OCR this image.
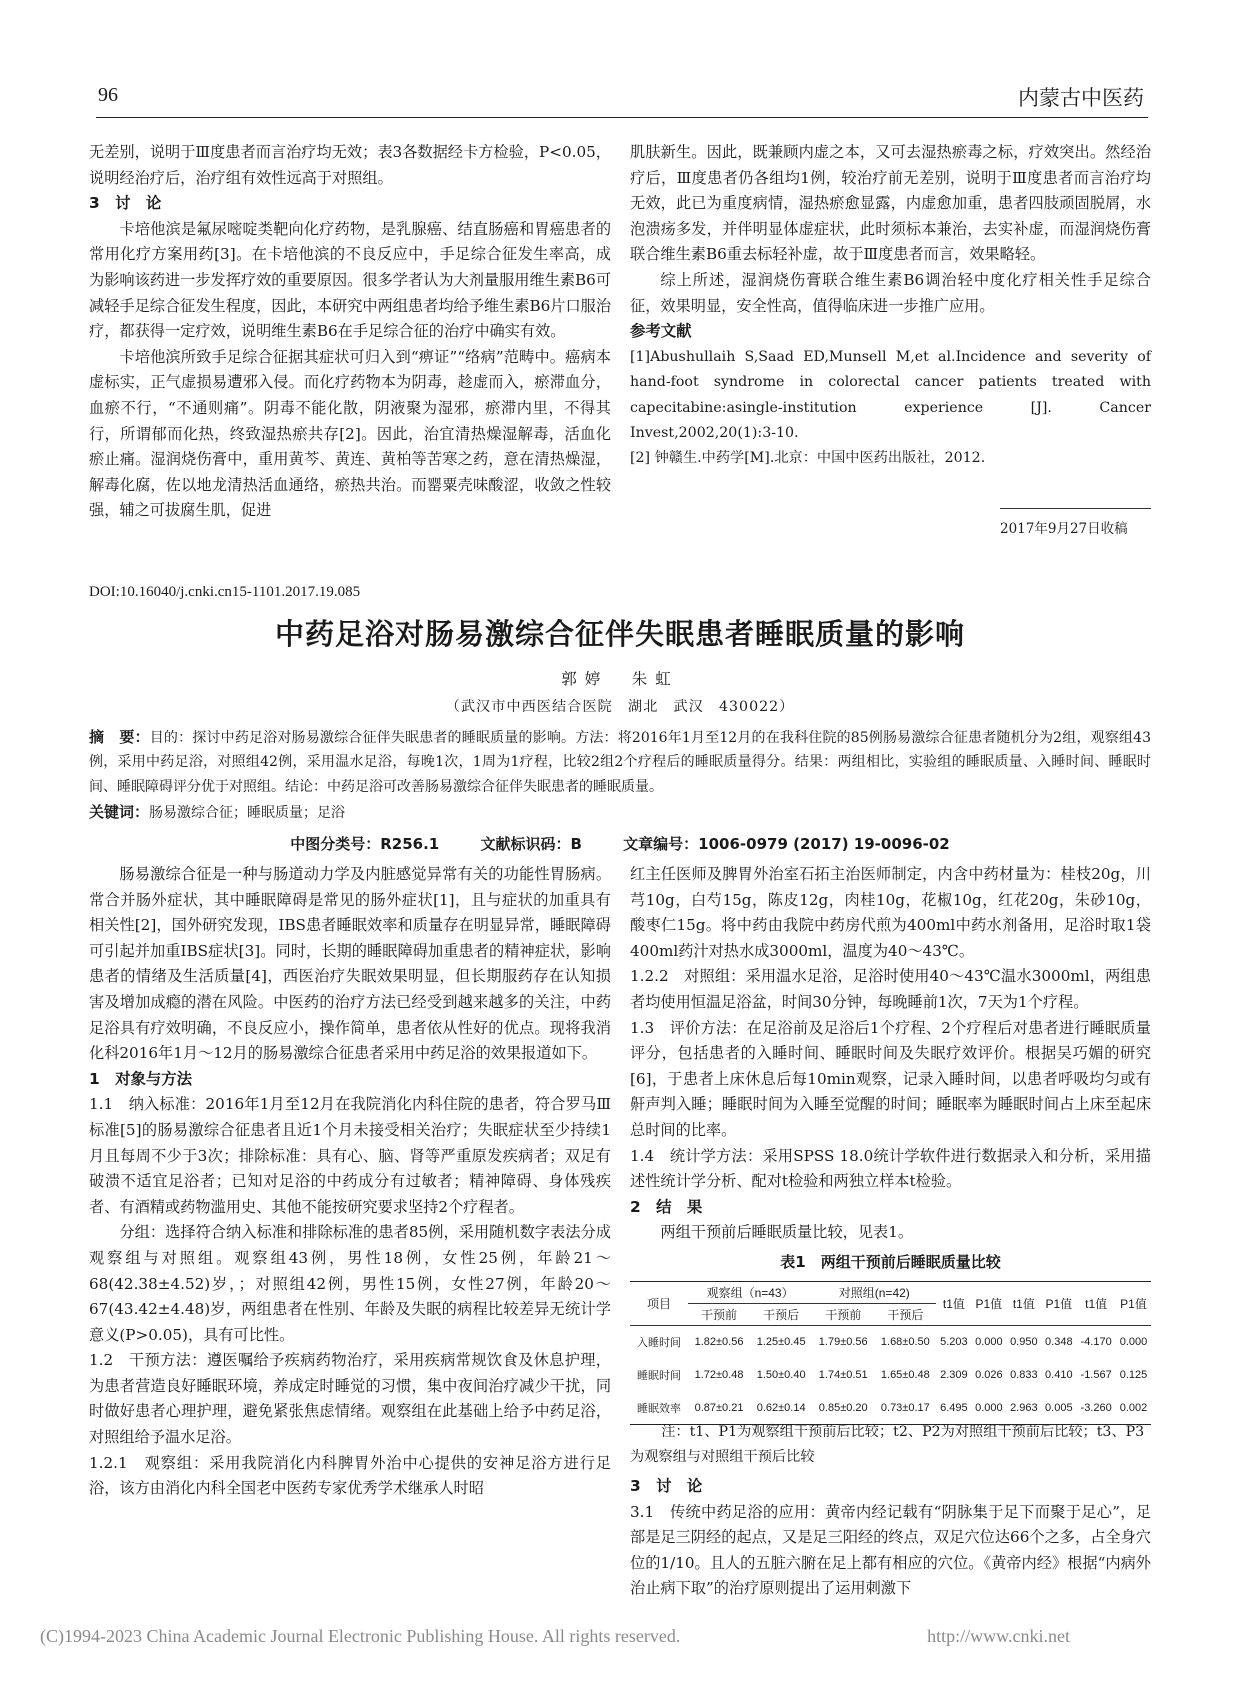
96	内蒙古中医药
无差别，说明于Ⅲ度患者而言治疗均无效；表3各数据经卡方检验，P<0.05，说明经治疗后，治疗组有效性远高于对照组。
3　讨　论
卡培他滨是氟尿嘧啶类靶向化疗药物，是乳腺癌、结直肠癌和胃癌患者的常用化疗方案用药[3]。在卡培他滨的不良反应中，手足综合征发生率高，成为影响该药进一步发挥疗效的重要原因。很多学者认为大剂量服用维生素B6可减轻手足综合征发生程度，因此，本研究中两组患者均给予维生素B6片口服治疗，都获得一定疗效，说明维生素B6在手足综合征的治疗中确实有效。
卡培他滨所致手足综合征据其症状可归入到“痹证”“络病”范畴中。癌病本虚标实，正气虚损易遭邪入侵。而化疗药物本为阴毒，趁虚而入，瘀滞血分，血瘀不行，“不通则痛”。阴毒不能化散，阴液聚为湿邪，瘀滞内里，不得其行，所谓郁而化热，终致湿热瘀共存[2]。因此，治宜清热燥湿解毒，活血化瘀止痛。湿润烧伤膏中，重用黄芩、黄连、黄柏等苦寒之药，意在清热燥湿，解毒化腐，佐以地龙清热活血通络，瘀热共治。而罂粟壳味酸涩，收敛之性较强，辅之可拔腐生肌，促进
肌肤新生。因此，既兼顾内虚之本，又可去湿热瘀毒之标，疗效突出。然经治疗后，Ⅲ度患者仍各组均1例，较治疗前无差别，说明于Ⅲ度患者而言治疗均无效，此已为重度病情，湿热瘀愈显露，内虚愈加重，患者四肢顽固脱屑，水泡溃疡多发，并伴明显体虚症状，此时须标本兼治，去实补虚，而湿润烧伤膏联合维生素B6重去标轻补虚，故于Ⅲ度患者而言，效果略轻。
综上所述，湿润烧伤膏联合维生素B6调治轻中度化疗相关性手足综合征，效果明显，安全性高，值得临床进一步推广应用。
参考文献
[1]Abushullaih S,Saad ED,Munsell M,et al.Incidence and severity of hand-foot syndrome in colorectal cancer patients treated with capecitabine:asingle-institution experience [J]. Cancer Invest,2002,20(1):3-10.
[2] 钟赣生.中药学[M].北京：中国中医药出版社，2012.
2017年9月27日收稿
DOI:10.16040/j.cnki.cn15-1101.2017.19.085
中药足浴对肠易激综合征伴失眠患者睡眠质量的影响
郭婷　朱虹
（武汉市中西医结合医院　湖北　武汉　430022）
摘　要：目的：探讨中药足浴对肠易激综合征伴失眠患者的睡眠质量的影响。方法：将2016年1月至12月的在我科住院的85例肠易激综合征患者随机分为2组，观察组43例，采用中药足浴，对照组42例，采用温水足浴，每晚1次，1周为1疗程，比较2组2个疗程后的睡眠质量得分。结果：两组相比，实验组的睡眠质量、入睡时间、睡眠时间、睡眠障碍评分优于对照组。结论：中药足浴可改善肠易激综合征伴失眠患者的睡眠质量。
关键词：肠易激综合征；睡眠质量；足浴
中图分类号：R256.1	文献标识码：B	文章编号：1006-0979 (2017) 19-0096-02
肠易激综合征是一种与肠道动力学及内脏感觉异常有关的功能性胃肠病。常合并肠外症状，其中睡眠障碍是常见的肠外症状[1]，且与症状的加重具有相关性[2]，国外研究发现，IBS患者睡眠效率和质量存在明显异常，睡眠障碍可引起并加重IBS症状[3]。同时，长期的睡眠障碍加重患者的精神症状，影响患者的情绪及生活质量[4]，西医治疗失眠效果明显，但长期服药存在认知损害及增加成瘾的潜在风险。中医药的治疗方法已经受到越来越多的关注，中药足浴具有疗效明确，不良反应小，操作简单，患者依从性好的优点。现将我消化科2016年1月～12月的肠易激综合征患者采用中药足浴的效果报道如下。
1　对象与方法
1.1　纳入标准：2016年1月至12月在我院消化内科住院的患者，符合罗马Ⅲ标准[5]的肠易激综合征患者且近1个月未接受相关治疗；失眠症状至少持续1月且每周不少于3次；排除标准：具有心、脑、肾等严重原发疾病者；双足有破溃不适宜足浴者；已知对足浴的中药成分有过敏者；精神障碍、身体残疾者、有酒精或药物滥用史、其他不能按研究要求坚持2个疗程者。
分组：选择符合纳入标准和排除标准的患者85例，采用随机数字表法分成观察组与对照组。观察组43例，男性18例，女性25例，年龄21～68(42.38±4.52)岁，；对照组42例，男性15例，女性27例，年龄20～67(43.42±4.48)岁，两组患者在性别、年龄及失眠的病程比较差异无统计学意义(P>0.05)，具有可比性。
1.2　干预方法：遵医嘱给予疾病药物治疗，采用疾病常规饮食及休息护理，为患者营造良好睡眠环境，养成定时睡觉的习惯，集中夜间治疗减少干扰，同时做好患者心理护理，避免紧张焦虑情绪。观察组在此基础上给予中药足浴，对照组给予温水足浴。
1.2.1　观察组：采用我院消化内科脾胃外治中心提供的安神足浴方进行足浴，该方由消化内科全国老中医药专家优秀学术继承人时昭
红主任医师及脾胃外治室石拓主治医师制定，内含中药材量为：桂枝20g，川芎10g，白芍15g，陈皮12g，肉桂10g，花椒10g，红花20g，朱砂10g，酸枣仁15g。将中药由我院中药房代煎为400ml中药水剂备用，足浴时取1袋400ml药汁对热水成3000ml，温度为40～43℃。
1.2.2　对照组：采用温水足浴，足浴时使用40～43℃温水3000ml，两组患者均使用恒温足浴盆，时间30分钟，每晚睡前1次，7天为1个疗程。
1.3　评价方法：在足浴前及足浴后1个疗程、2个疗程后对患者进行睡眠质量评分，包括患者的入睡时间、睡眠时间及失眠疗效评价。根据吴巧媚的研究[6]，于患者上床休息后每10min观察，记录入睡时间，以患者呼吸均匀或有鼾声判入睡；睡眠时间为入睡至觉醒的时间；睡眠率为睡眠时间占上床至起床总时间的比率。
1.4　统计学方法：采用SPSS 18.0统计学软件进行数据录入和分析，采用描述性统计学分析、配对t检验和两独立样本t检验。
2　结　果
两组干预前后睡眠质量比较，见表1。
表1　两组干预前后睡眠质量比较
项目	观察组（n=43）		对照组(n=42)		t1值	P1值	t1值	P1值	t1值	P1值
	干预前	干预后	干预前	干预后						
入睡时间	1.82±0.56	1.25±0.45	1.79±0.56	1.68±0.50	5.203	0.000	0.950	0.348	-4.170	0.000
睡眠时间	1.72±0.48	1.50±0.40	1.74±0.51	1.65±0.48	2.309	0.026	0.833	0.410	-1.567	0.125
睡眠效率	0.87±0.21	0.62±0.14	0.85±0.20	0.73±0.17	6.495	0.000	2.963	0.005	-3.260	0.002
注：t1、P1为观察组干预前后比较；t2、P2为对照组干预前后比较；t3、P3为观察组与对照组干预后比较
3　讨　论
3.1　传统中药足浴的应用：黄帝内经记载有“阴脉集于足下而聚于足心”，足部是足三阴经的起点，又是足三阳经的终点，双足穴位达66个之多，占全身穴位的1/10。且人的五脏六腑在足上都有相应的穴位。《黄帝内经》根据“内病外治止病下取”的治疗原则提出了运用刺激下
(C)1994-2023 China Academic Journal Electronic Publishing House. All rights reserved.	http://www.cnki.net
